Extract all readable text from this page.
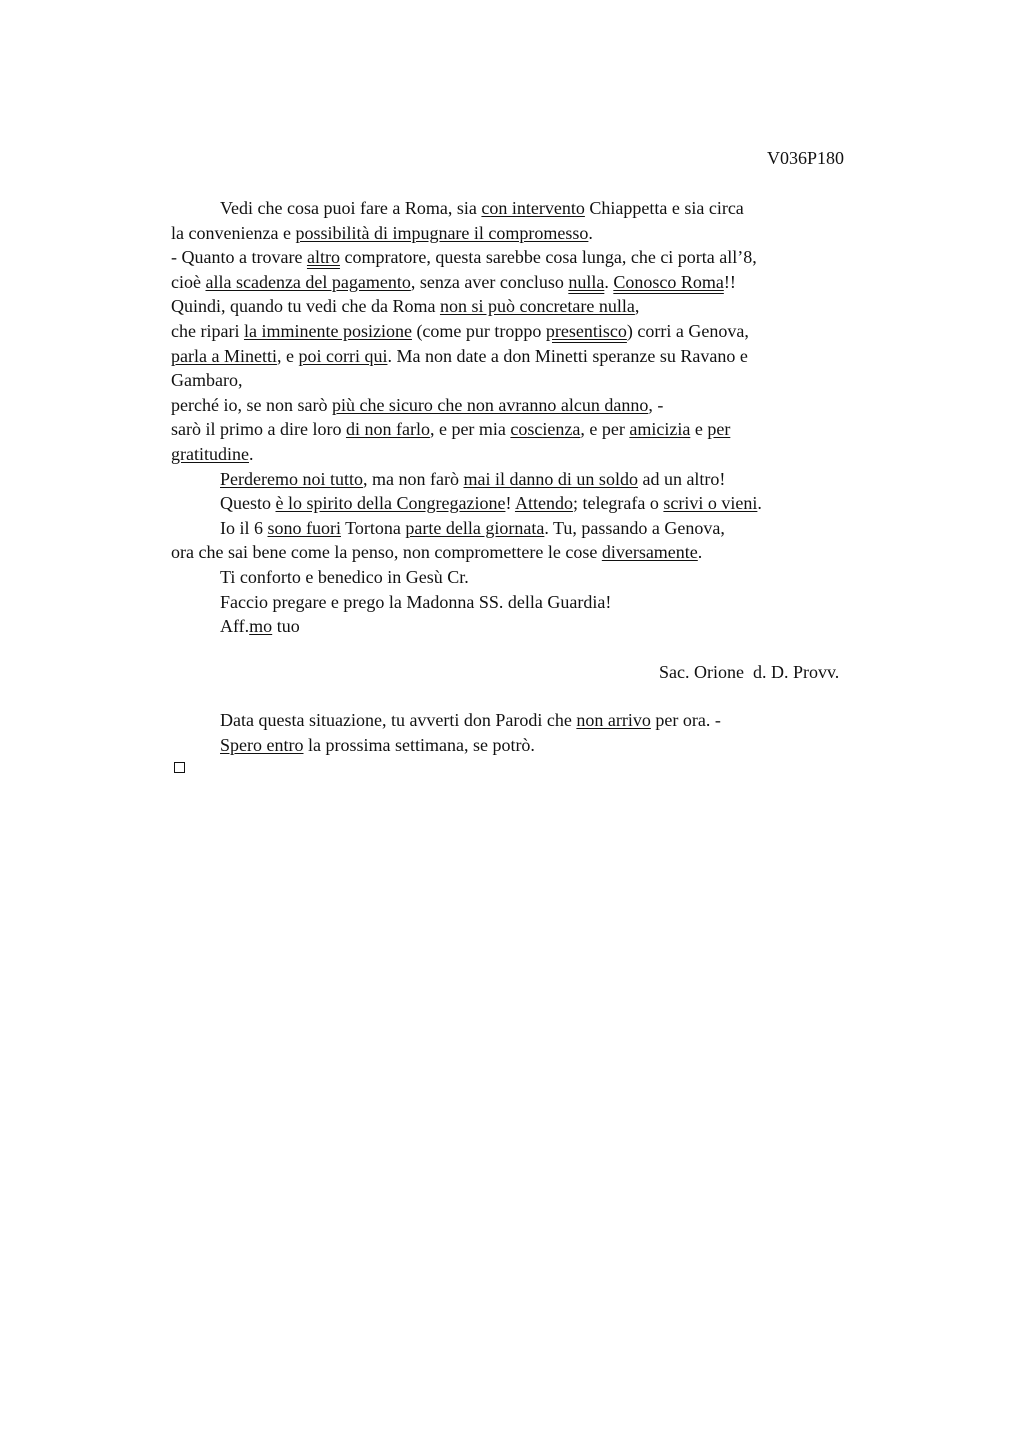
V036P180
Vedi che cosa puoi fare a Roma, sia con intervento Chiappetta e sia circa
la convenienza e possibilità di impugnare il compromesso.
- Quanto a trovare altro compratore, questa sarebbe cosa lunga, che ci porta all’8,
cioè alla scadenza del pagamento, senza aver concluso nulla. Conosco Roma!!
Quindi, quando tu vedi che da Roma non si può concretare nulla,
che ripari la imminente posizione (come pur troppo presentisco) corri a Genova,
parla a Minetti, e poi corri qui. Ma non date a don Minetti speranze su Ravano e
Gambaro,
perché io, se non sarò più che sicuro che non avranno alcun danno, -
sarò il primo a dire loro di non farlo, e per mia coscienza, e per amicizia e per
gratitudine.
Perderemo noi tutto, ma non farò mai il danno di un soldo ad un altro!
Questo è lo spirito della Congregazione! Attendo; telegrafa o scrivi o vieni.
Io il 6 sono fuori Tortona parte della giornata. Tu, passando a Genova,
ora che sai bene come la penso, non compromettere le cose diversamente.
Ti conforto e benedico in Gesù Cr.
Faccio pregare e prego la Madonna SS. della Guardia!
Aff.mo tuo
Sac. Orione  d. D. Provv.
Data questa situazione, tu avverti don Parodi che non arrivo per ora. -
Spero entro la prossima settimana, se potrò.
